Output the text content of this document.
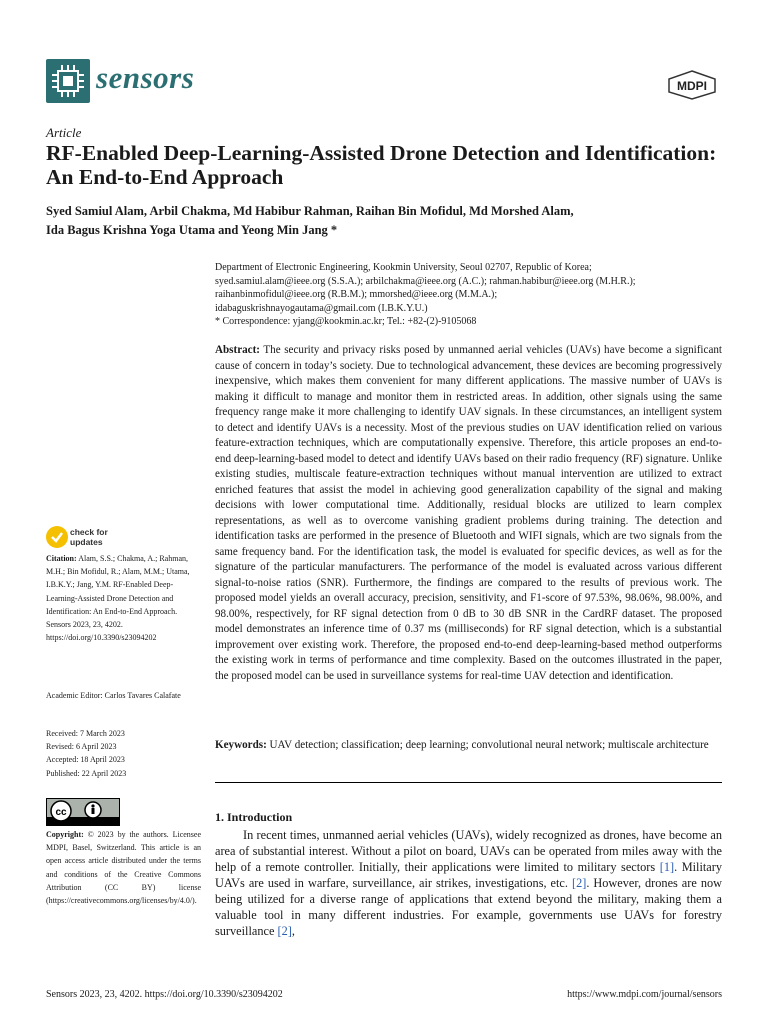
sensors	MDPI
Article
RF-Enabled Deep-Learning-Assisted Drone Detection and Identification: An End-to-End Approach
Syed Samiul Alam, Arbil Chakma, Md Habibur Rahman, Raihan Bin Mofidul, Md Morshed Alam,
Ida Bagus Krishna Yoga Utama and Yeong Min Jang *
Department of Electronic Engineering, Kookmin University, Seoul 02707, Republic of Korea;
syed.samiul.alam@ieee.org (S.S.A.); arbilchakma@ieee.org (A.C.); rahman.habibur@ieee.org (M.H.R.);
raihanbinmofidul@ieee.org (R.B.M.); mmorshed@ieee.org (M.M.A.);
idabaguskrishnayogautama@gmail.com (I.B.K.Y.U.)
* Correspondence: yjang@kookmin.ac.kr; Tel.: +82-(2)-9105068
Abstract: The security and privacy risks posed by unmanned aerial vehicles (UAVs) have become a significant cause of concern in today’s society. Due to technological advancement, these devices are becoming progressively inexpensive, which makes them convenient for many different applications. The massive number of UAVs is making it difficult to manage and monitor them in restricted areas. In addition, other signals using the same frequency range make it more challenging to identify UAV signals. In these circumstances, an intelligent system to detect and identify UAVs is a necessity. Most of the previous studies on UAV identification relied on various feature-extraction techniques, which are computationally expensive. Therefore, this article proposes an end-to-end deep-learning-based model to detect and identify UAVs based on their radio frequency (RF) signature. Unlike existing studies, multiscale feature-extraction techniques without manual intervention are utilized to extract enriched features that assist the model in achieving good generalization capability of the signal and making decisions with lower computational time. Additionally, residual blocks are utilized to learn complex representations, as well as to overcome vanishing gradient problems during training. The detection and identification tasks are performed in the presence of Bluetooth and WIFI signals, which are two signals from the same frequency band. For the identification task, the model is evaluated for specific devices, as well as for the signature of the particular manufacturers. The performance of the model is evaluated across various different signal-to-noise ratios (SNR). Furthermore, the findings are compared to the results of previous work. The proposed model yields an overall accuracy, precision, sensitivity, and F1-score of 97.53%, 98.06%, 98.00%, and 98.00%, respectively, for RF signal detection from 0 dB to 30 dB SNR in the CardRF dataset. The proposed model demonstrates an inference time of 0.37 ms (milliseconds) for RF signal detection, which is a substantial improvement over existing work. Therefore, the proposed end-to-end deep-learning-based method outperforms the existing work in terms of performance and time complexity. Based on the outcomes illustrated in the paper, the proposed model can be used in surveillance systems for real-time UAV detection and identification.
Keywords: UAV detection; classification; deep learning; convolutional neural network; multiscale architecture
1. Introduction
In recent times, unmanned aerial vehicles (UAVs), widely recognized as drones, have become an area of substantial interest. Without a pilot on board, UAVs can be operated from miles away with the help of a remote controller. Initially, their applications were limited to military sectors [1]. Military UAVs are used in warfare, surveillance, air strikes, investigations, etc. [2]. However, drones are now being utilized for a diverse range of applications that extend beyond the military, making them a valuable tool in many different industries. For example, governments use UAVs for forestry surveillance [2],
check for updates
Citation: Alam, S.S.; Chakma, A.; Rahman, M.H.; Bin Mofidul, R.; Alam, M.M.; Utama, I.B.K.Y.; Jang, Y.M. RF-Enabled Deep-Learning-Assisted Drone Detection and Identification: An End-to-End Approach. Sensors 2023, 23, 4202. https://doi.org/10.3390/s23094202
Academic Editor: Carlos Tavares Calafate
Received: 7 March 2023
Revised: 6 April 2023
Accepted: 18 April 2023
Published: 22 April 2023
cc
Copyright: © 2023 by the authors. Licensee MDPI, Basel, Switzerland. This article is an open access article distributed under the terms and conditions of the Creative Commons Attribution (CC BY) license (https://creativecommons.org/licenses/by/4.0/).
Sensors 2023, 23, 4202. https://doi.org/10.3390/s23094202	https://www.mdpi.com/journal/sensors
